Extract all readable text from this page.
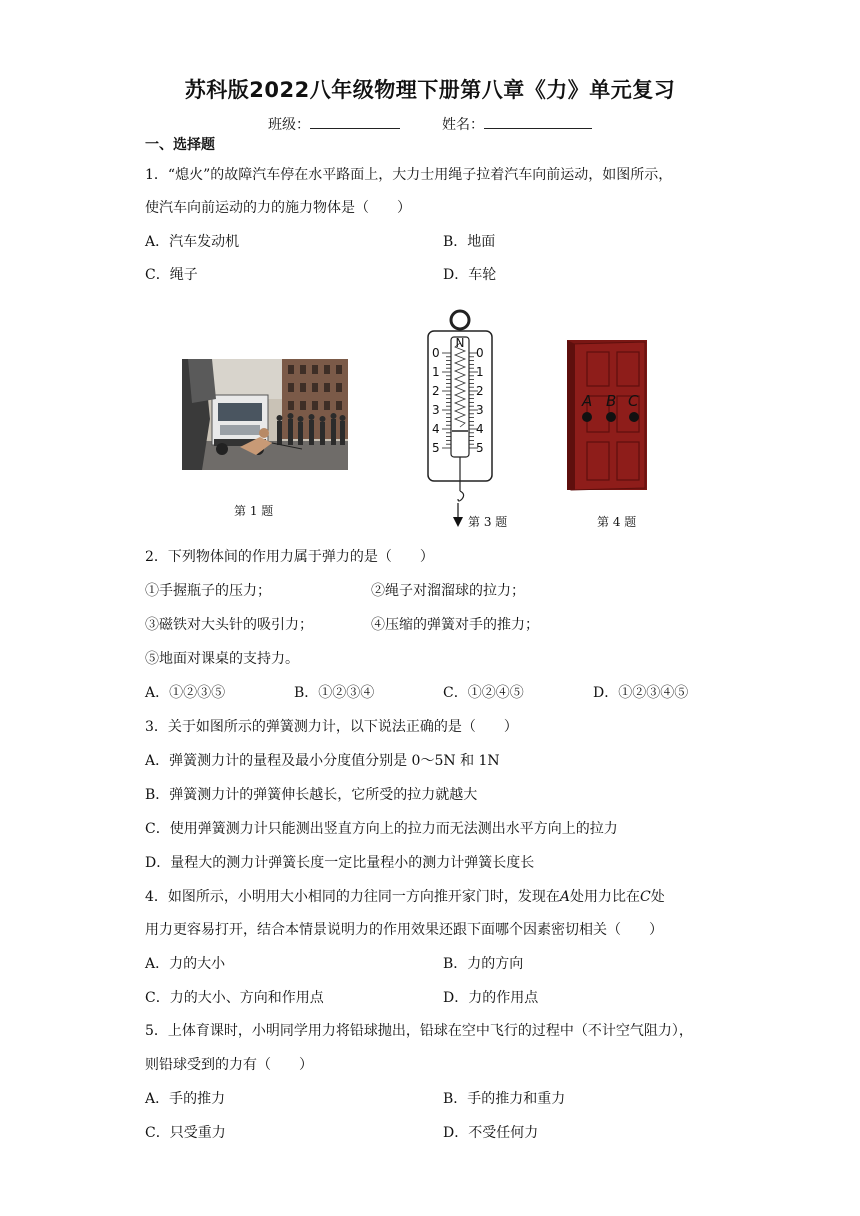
苏科版2022八年级物理下册第八章《力》单元复习
班级：	姓名：
一、选择题
1．“熄火”的故障汽车停在水平路面上，大力士用绳子拉着汽车向前运动，如图所示，
使汽车向前运动的力的施力物体是（　　）
A．汽车发动机	B．地面
C．绳子	D．车轮
第 1 题
N
0	0
1	1
2	2
3	3
4	4
5	5
第 3 题
A B C
第 4 题
2．下列物体间的作用力属于弹力的是（　　）
①手握瓶子的压力；	②绳子对溜溜球的拉力；
③磁铁对大头针的吸引力；	④压缩的弹簧对手的推力；
⑤地面对课桌的支持力。
A．①②③⑤	B．①②③④	C．①②④⑤	D．①②③④⑤
3．关于如图所示的弹簧测力计，以下说法正确的是（　　）
A．弹簧测力计的量程及最小分度值分别是 0～5N 和 1N
B．弹簧测力计的弹簧伸长越长，它所受的拉力就越大
C．使用弹簧测力计只能测出竖直方向上的拉力而无法测出水平方向上的拉力
D．量程大的测力计弹簧长度一定比量程小的测力计弹簧长度长
4．如图所示，小明用大小相同的力往同一方向推开家门时，发现在A处用力比在C处
用力更容易打开，结合本情景说明力的作用效果还跟下面哪个因素密切相关（　　）
A．力的大小	B．力的方向
C．力的大小、方向和作用点	D．力的作用点
5．上体育课时，小明同学用力将铅球抛出，铅球在空中飞行的过程中（不计空气阻力），
则铅球受到的力有（　　）
A．手的推力	B．手的推力和重力
C．只受重力	D．不受任何力
